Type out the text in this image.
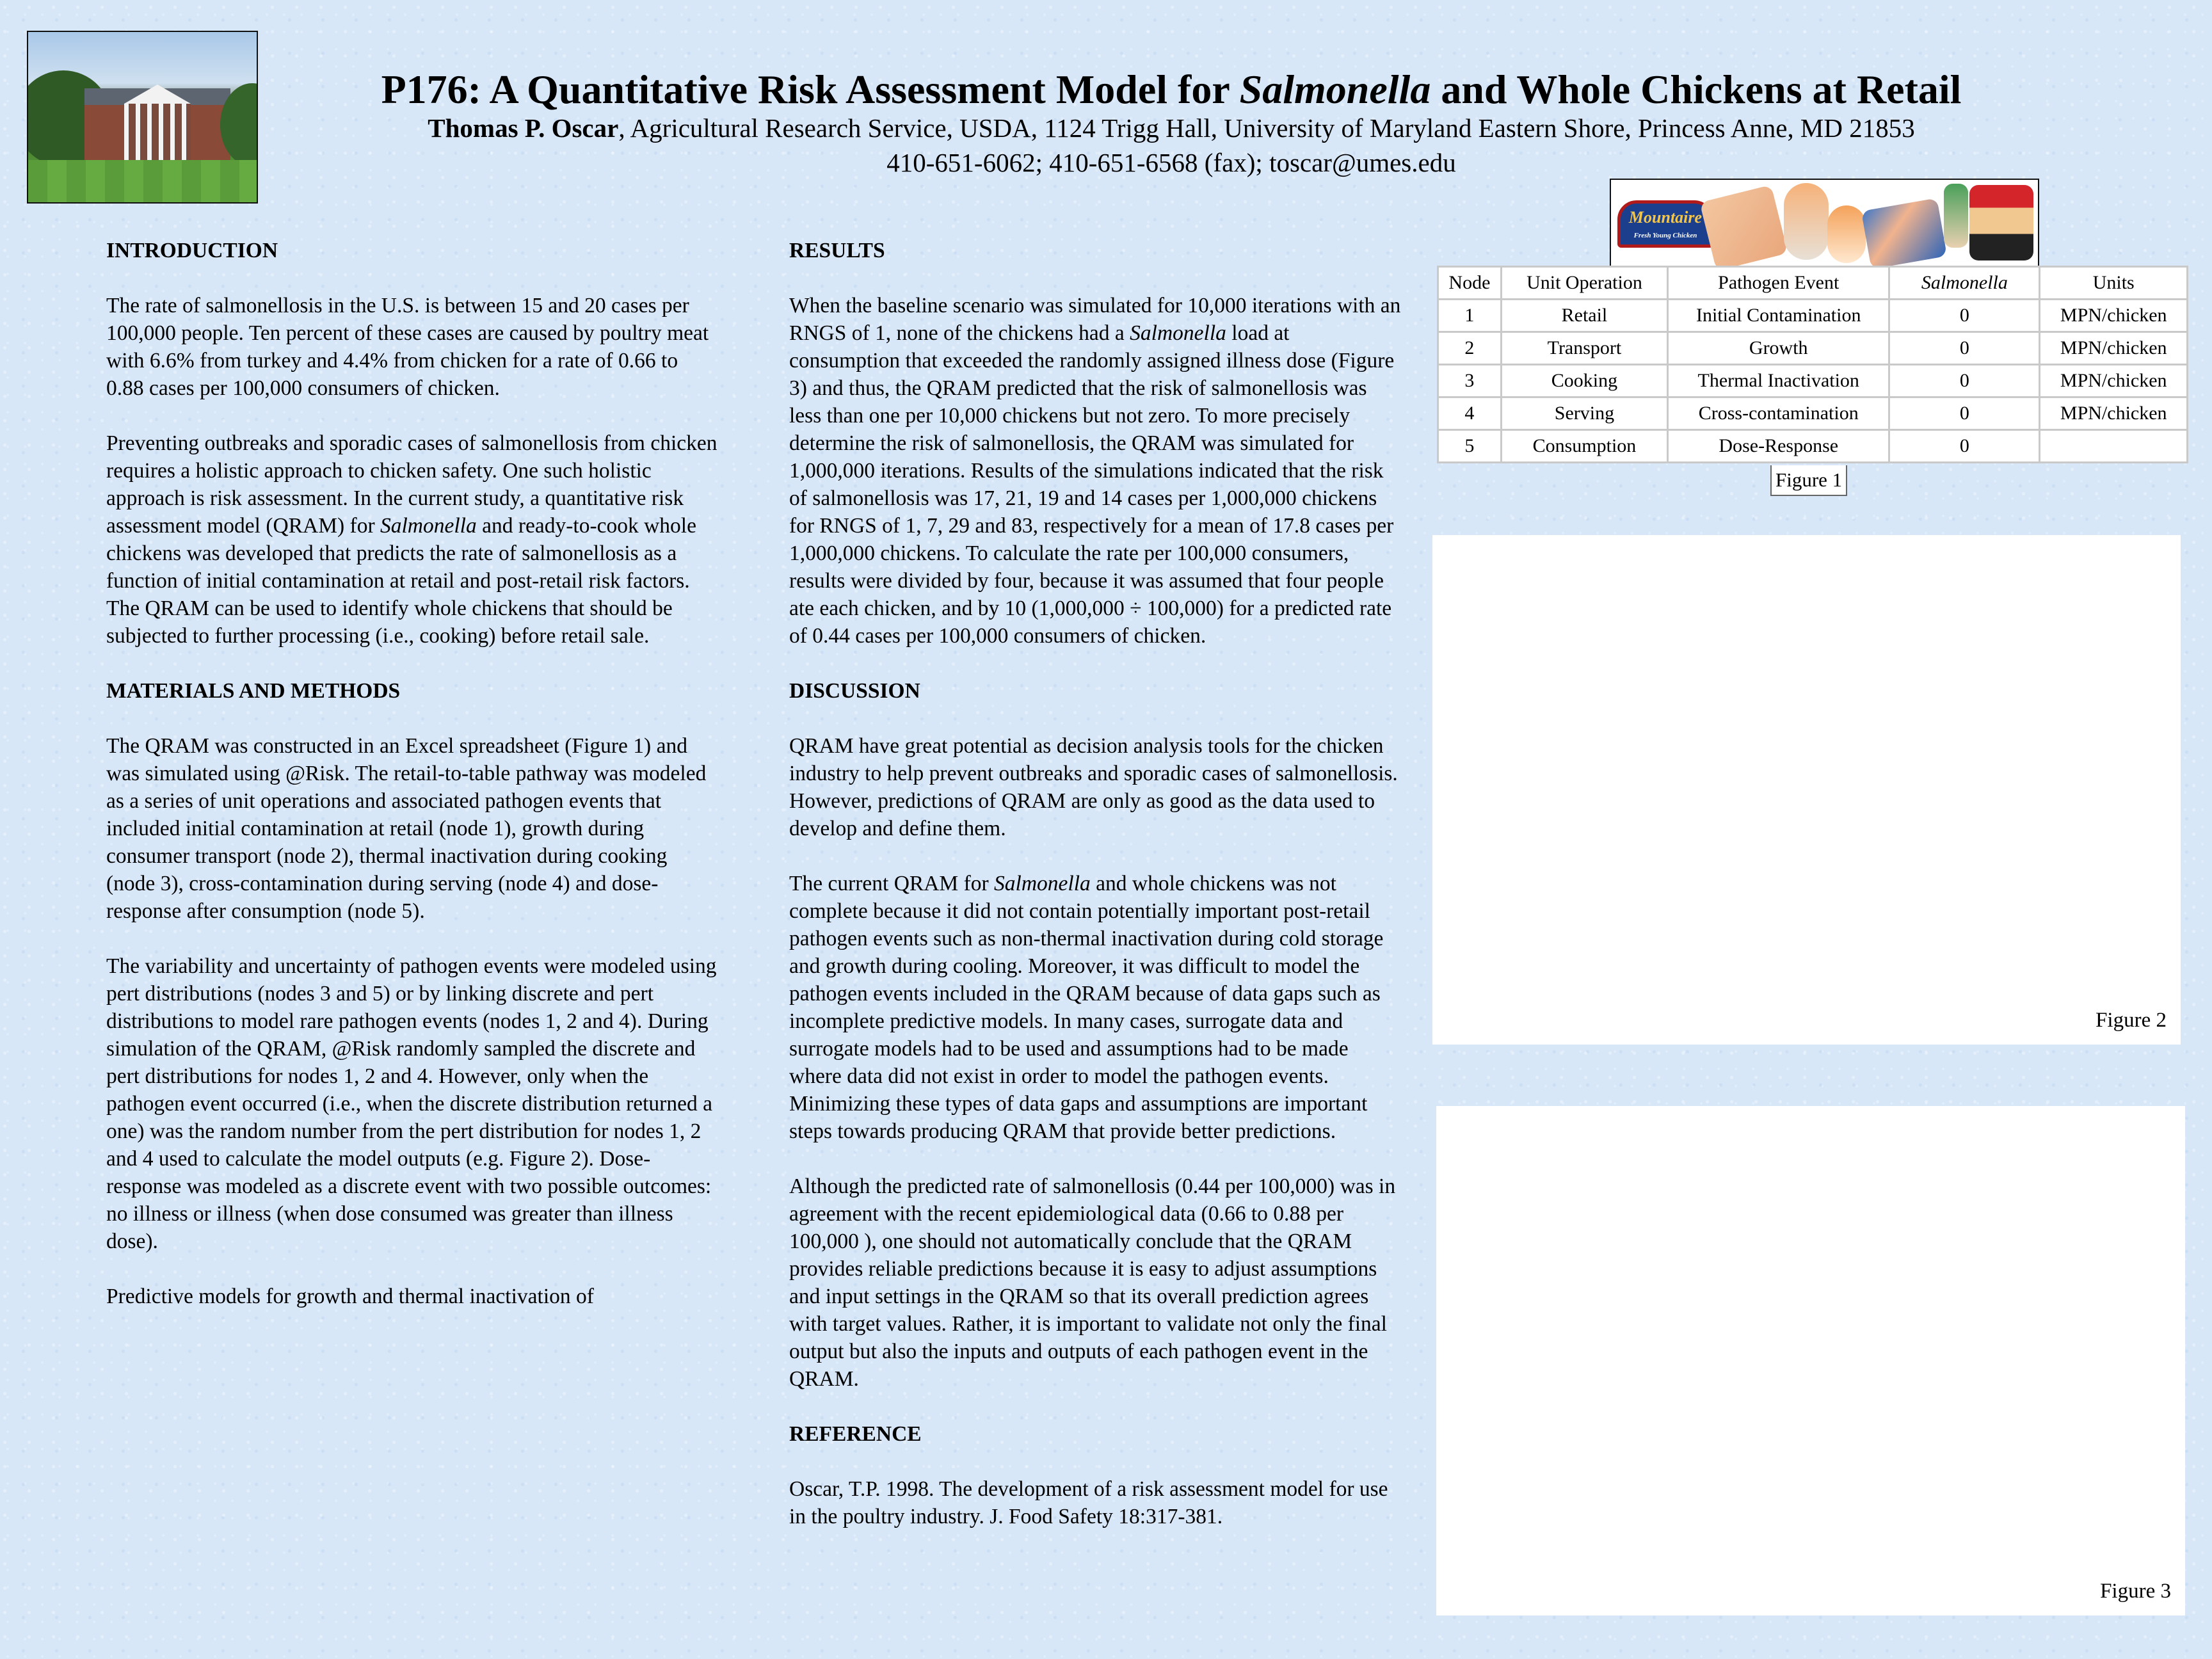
P176: A Quantitative Risk Assessment Model for Salmonella and Whole Chickens at Retail
Thomas P. Oscar, Agricultural Research Service, USDA, 1124 Trigg Hall, University of Maryland Eastern Shore, Princess Anne, MD 21853
410-651-6062; 410-651-6568 (fax); toscar@umes.edu
INTRODUCTION

The rate of salmonellosis in the U.S. is between 15 and 20 cases per 100,000 people. Ten percent of these cases are caused by poultry meat with 6.6% from turkey and 4.4% from chicken for a rate of 0.66 to 0.88 cases per 100,000 consumers of chicken.

Preventing outbreaks and sporadic cases of salmonellosis from chicken requires a holistic approach to chicken safety. One such holistic approach is risk assessment. In the current study, a quantitative risk assessment model (QRAM) for Salmonella and ready-to-cook whole chickens was developed that predicts the rate of salmonellosis as a function of initial contamination at retail and post-retail risk factors. The QRAM can be used to identify whole chickens that should be subjected to further processing (i.e., cooking) before retail sale.

MATERIALS AND METHODS

The QRAM was constructed in an Excel spreadsheet (Figure 1) and was simulated using @Risk. The retail-to-table pathway was modeled as a series of unit operations and associated pathogen events that included initial contamination at retail (node 1), growth during consumer transport (node 2), thermal inactivation during cooking (node 3), cross-contamination during serving (node 4) and dose-response after consumption (node 5).

The variability and uncertainty of pathogen events were modeled using pert distributions (nodes 3 and 5) or by linking discrete and pert distributions to model rare pathogen events (nodes 1, 2 and 4). During simulation of the QRAM, @Risk randomly sampled the discrete and pert distributions for nodes 1, 2 and 4. However, only when the pathogen event occurred (i.e., when the discrete distribution returned a one) was the random number from the pert distribution for nodes 1, 2 and 4 used to calculate the model outputs (e.g. Figure 2). Dose-response was modeled as a discrete event with two possible outcomes: no illness or illness (when dose consumed was greater than illness dose).

Predictive models for growth and thermal inactivation of

RESULTS

When the baseline scenario was simulated for 10,000 iterations with an RNGS of 1, none of the chickens had a Salmonella load at consumption that exceeded the randomly assigned illness dose (Figure 3) and thus, the QRAM predicted that the risk of salmonellosis was less than one per 10,000 chickens but not zero. To more precisely determine the risk of salmonellosis, the QRAM was simulated for 1,000,000 iterations. Results of the simulations indicated that the risk of salmonellosis was 17, 21, 19 and 14 cases per 1,000,000 chickens for RNGS of 1, 7, 29 and 83, respectively for a mean of 17.8 cases per 1,000,000 chickens. To calculate the rate per 100,000 consumers, results were divided by four, because it was assumed that four people ate each chicken, and by 10 (1,000,000 ÷ 100,000) for a predicted rate of 0.44 cases per 100,000 consumers of chicken.

DISCUSSION

QRAM have great potential as decision analysis tools for the chicken industry to help prevent outbreaks and sporadic cases of salmonellosis. However, predictions of QRAM are only as good as the data used to develop and define them.

The current QRAM for Salmonella and whole chickens was not complete because it did not contain potentially important post-retail pathogen events such as non-thermal inactivation during cold storage and growth during cooling. Moreover, it was difficult to model the pathogen events included in the QRAM because of data gaps such as incomplete predictive models. In many cases, surrogate data and surrogate models had to be used and assumptions had to be made where data did not exist in order to model the pathogen events. Minimizing these types of data gaps and assumptions are important steps towards producing QRAM that provide better predictions.

Although the predicted rate of salmonellosis (0.44 per 100,000) was in agreement with the recent epidemiological data (0.66 to 0.88 per 100,000 ), one should not automatically conclude that the QRAM provides reliable predictions because it is easy to adjust assumptions and input settings in the QRAM so that its overall prediction agrees with target values. Rather, it is important to validate not only the final output but also the inputs and outputs of each pathogen event in the QRAM.

REFERENCE

Oscar, T.P. 1998. The development of a risk assessment model for use in the poultry industry. J. Food Safety 18:317-381.

Mountaire
Fresh Young Chicken
Node	Unit Operation	Pathogen Event	Salmonella	Units
1	Retail	Initial Contamination	0	MPN/chicken
2	Transport	Growth	0	MPN/chicken
3	Cooking	Thermal Inactivation	0	MPN/chicken
4	Serving	Cross-contamination	0	MPN/chicken
5	Consumption	Dose-Response	0	
Figure 1
Figure 2
Figure 3
